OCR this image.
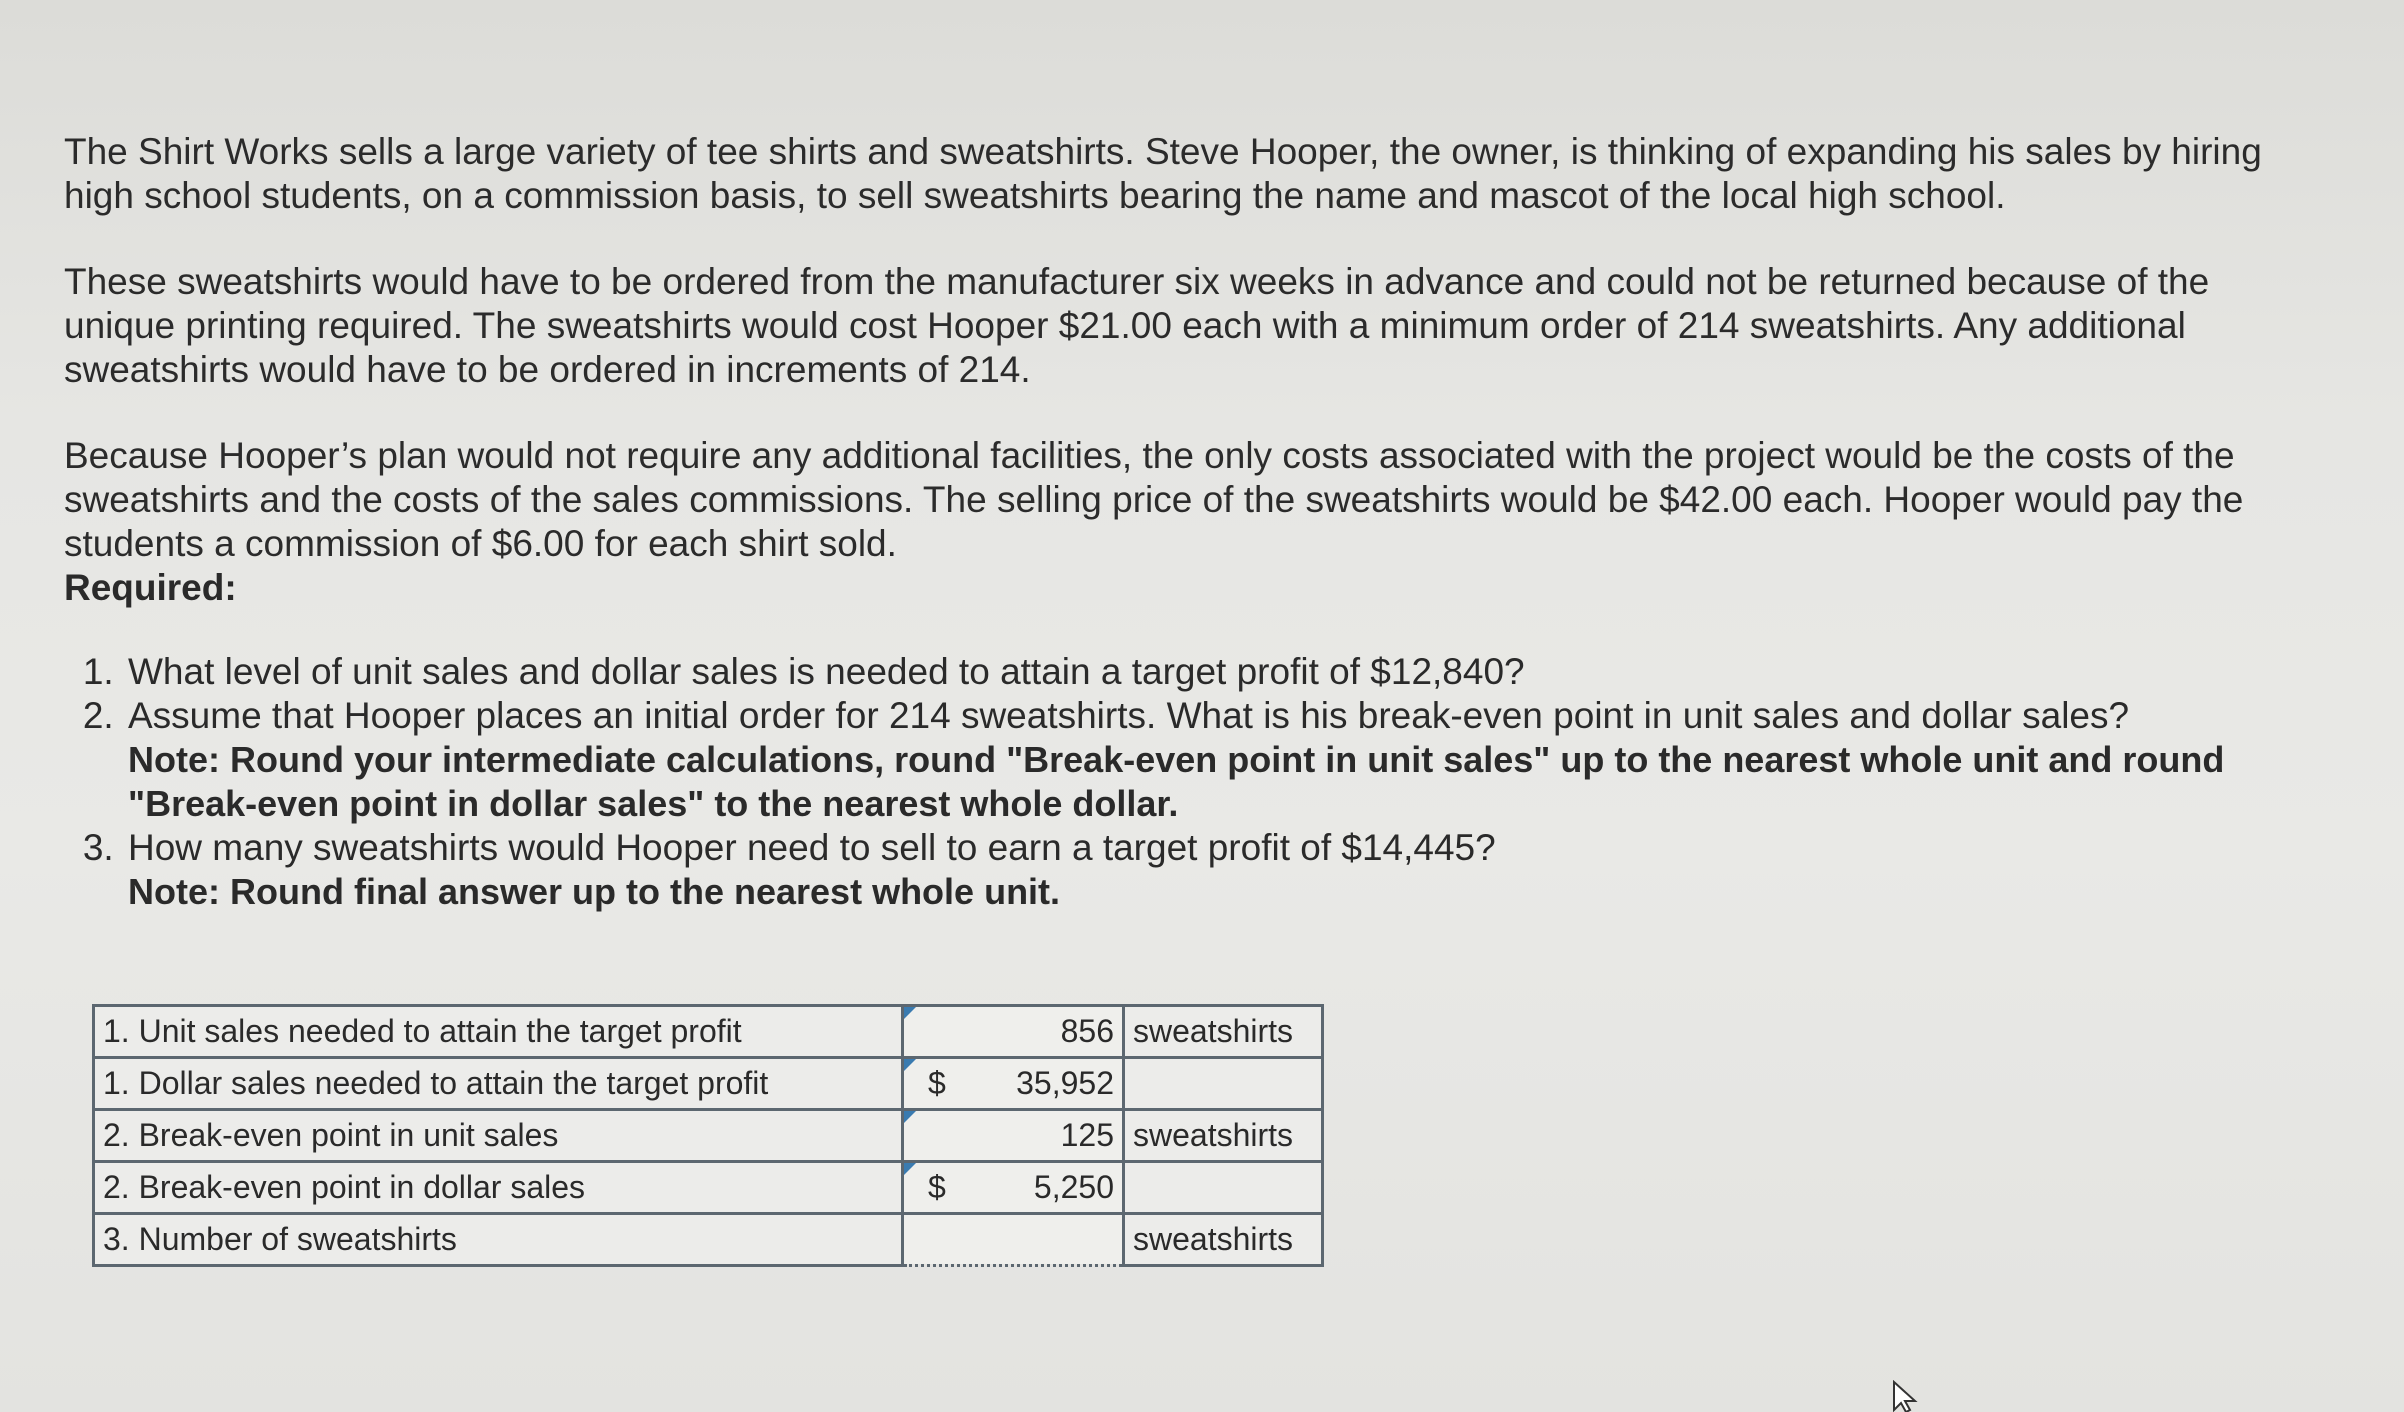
The Shirt Works sells a large variety of tee shirts and sweatshirts. Steve Hooper, the owner, is thinking of expanding his sales by hiring high school students, on a commission basis, to sell sweatshirts bearing the name and mascot of the local high school.

These sweatshirts would have to be ordered from the manufacturer six weeks in advance and could not be returned because of the unique printing required. The sweatshirts would cost Hooper $21.00 each with a minimum order of 214 sweatshirts. Any additional sweatshirts would have to be ordered in increments of 214.

Because Hooper’s plan would not require any additional facilities, the only costs associated with the project would be the costs of the sweatshirts and the costs of the sales commissions. The selling price of the sweatshirts would be $42.00 each. Hooper would pay the students a commission of $6.00 for each shirt sold.

Required:

1. What level of unit sales and dollar sales is needed to attain a target profit of $12,840?
2. Assume that Hooper places an initial order for 214 sweatshirts. What is his break-even point in unit sales and dollar sales?
Note: Round your intermediate calculations, round "Break-even point in unit sales" up to the nearest whole unit and round "Break-even point in dollar sales" to the nearest whole dollar.
3. How many sweatshirts would Hooper need to sell to earn a target profit of $14,445?
Note: Round final answer up to the nearest whole unit.
1. Unit sales needed to attain the target profit	856	sweatshirts
1. Dollar sales needed to attain the target profit	$ 35,952	

2. Break-even point in unit sales	125	sweatshirts
2. Break-even point in dollar sales	$ 5,250	

3. Number of sweatshirts		sweatshirts
